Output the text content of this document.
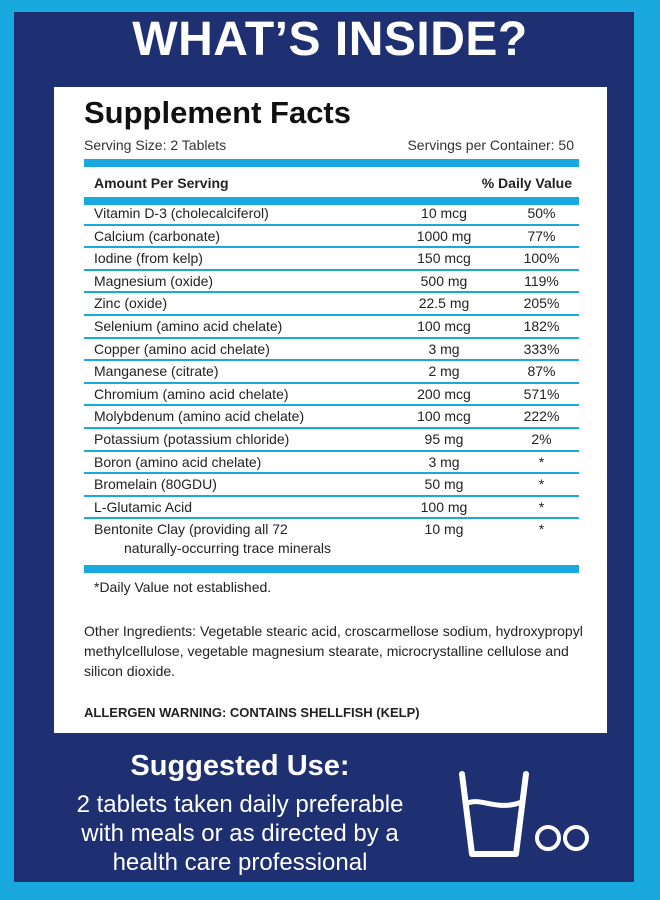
WHAT’S INSIDE?
Supplement Facts
Serving Size: 2 Tablets	Servings per Container: 50
Amount Per Serving	% Daily Value
Vitamin D-3 (cholecalciferol)	10 mcg	50%
Calcium (carbonate)	1000 mg	77%
Iodine (from kelp)	150 mcg	100%
Magnesium (oxide)	500 mg	119%
Zinc (oxide)	22.5 mg	205%
Selenium (amino acid chelate)	100 mcg	182%
Copper (amino acid chelate)	3 mg	333%
Manganese (citrate)	2 mg	87%
Chromium (amino acid chelate)	200 mcg	571%
Molybdenum (amino acid chelate)	100 mcg	222%
Potassium (potassium chloride)	95 mg	2%
Boron (amino acid chelate)	3 mg	*
Bromelain (80GDU)	50 mg	*
L-Glutamic Acid	100 mg	*
Bentonite Clay (providing all 72
naturally-occurring trace minerals
10 mg	*
*Daily Value not established.
Other Ingredients: Vegetable stearic acid, croscarmellose sodium, hydroxypropyl methylcellulose, vegetable magnesium stearate, microcrystalline cellulose and silicon dioxide.
ALLERGEN WARNING: CONTAINS SHELLFISH (KELP)
Suggested Use:
2 tablets taken daily preferable
with meals or as directed by a
health care professional
